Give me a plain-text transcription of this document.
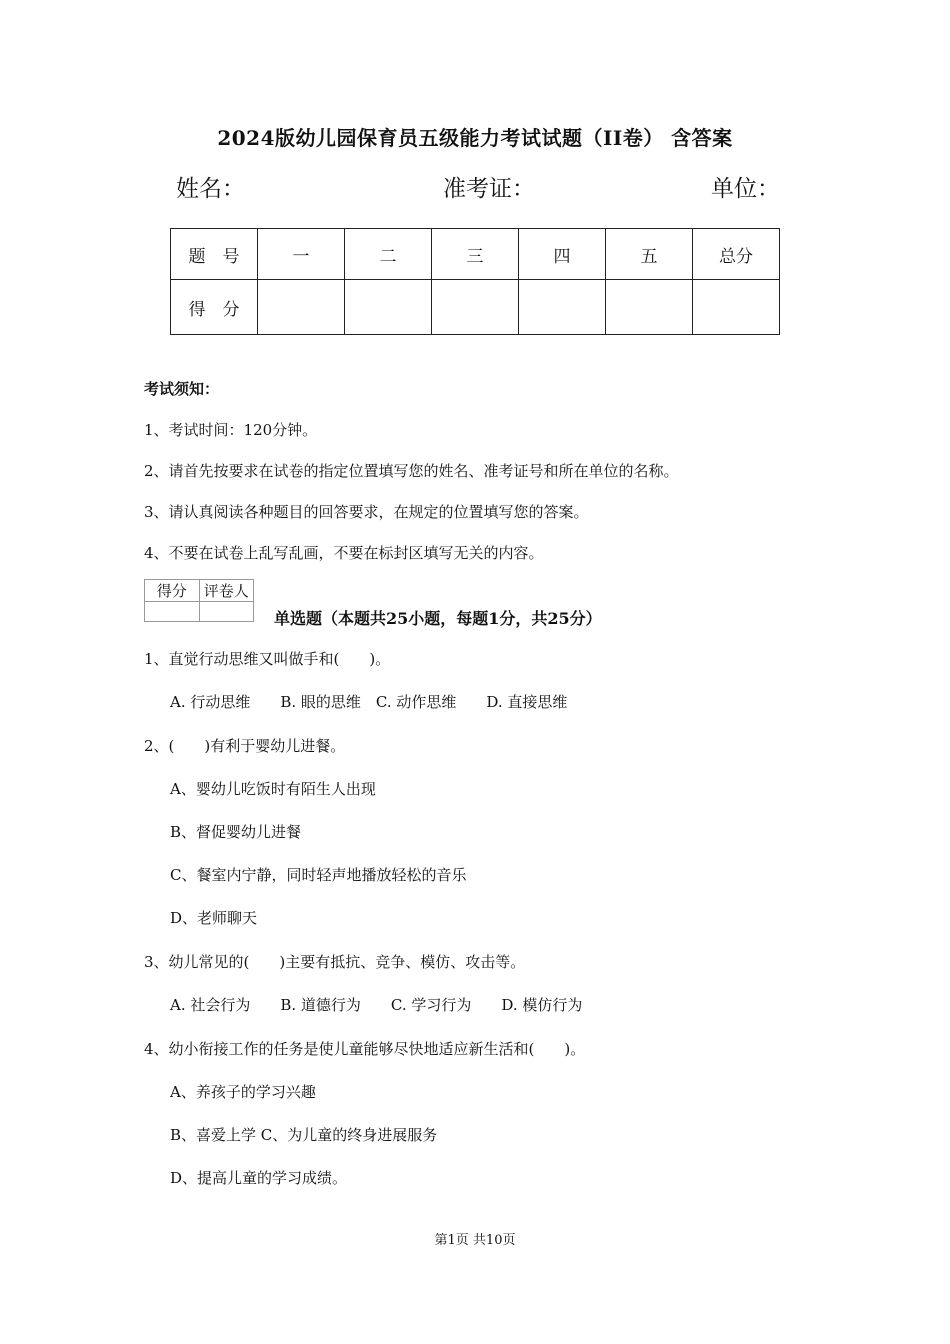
2024版幼儿园保育员五级能力考试试题（II卷） 含答案
姓名：	准考证：	单位：
题　号	一	二	三	四	五	总分
得　分						
考试须知：
1、考试时间：120分钟。
2、请首先按要求在试卷的指定位置填写您的姓名、准考证号和所在单位的名称。
3、请认真阅读各种题目的回答要求，在规定的位置填写您的答案。
4、不要在试卷上乱写乱画，不要在标封区填写无关的内容。
得分	评卷人

单选题（本题共25小题，每题1分，共25分）
1、直觉行动思维又叫做手和(　　)。
A. 行动思维　　B. 眼的思维　C. 动作思维　　D. 直接思维
2、(　　)有利于婴幼儿进餐。
A、婴幼儿吃饭时有陌生人出现
B、督促婴幼儿进餐
C、餐室内宁静，同时轻声地播放轻松的音乐
D、老师聊天
3、幼儿常见的(　　)主要有抵抗、竞争、模仿、攻击等。
A. 社会行为　　B. 道德行为　　C. 学习行为　　D. 模仿行为
4、幼小衔接工作的任务是使儿童能够尽快地适应新生活和(　　)。
A、养孩子的学习兴趣
B、喜爱上学 C、为儿童的终身进展服务
D、提高儿童的学习成绩。
第1页 共10页
